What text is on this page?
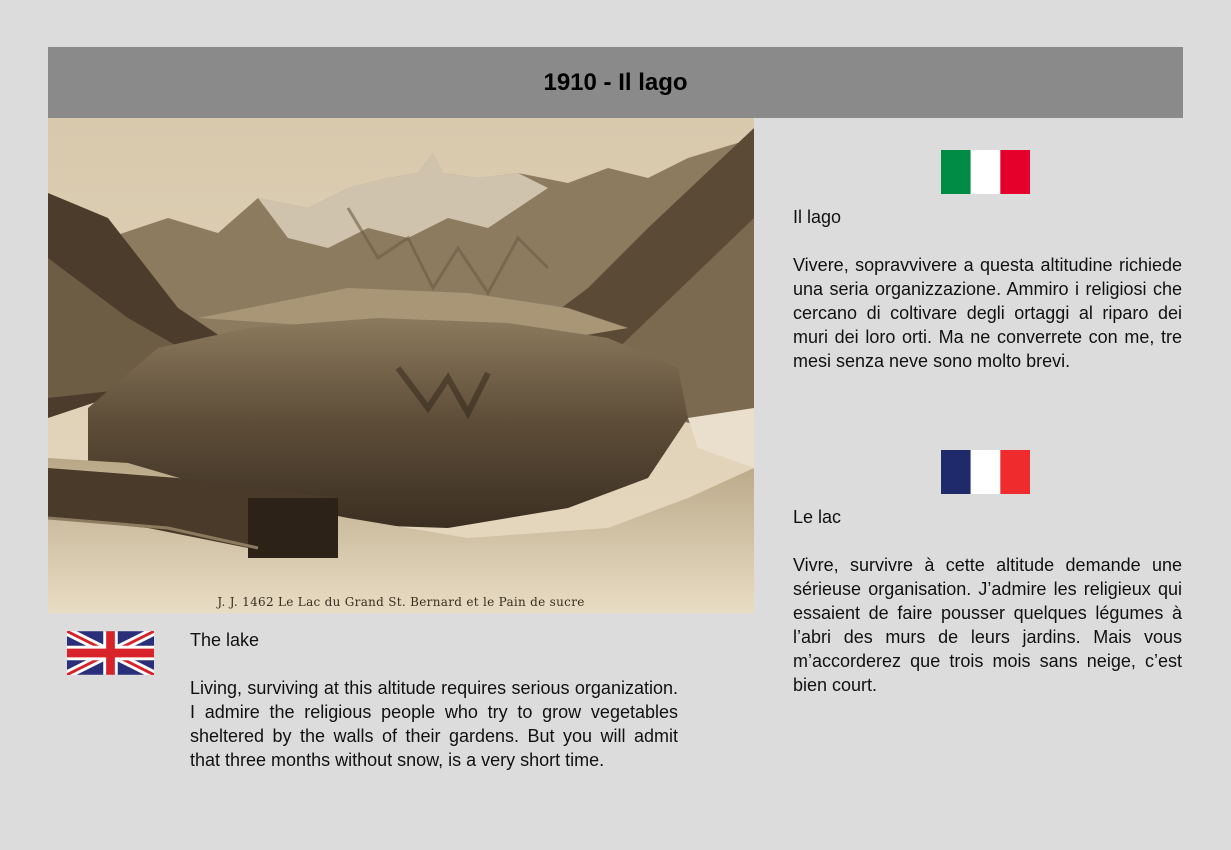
1910 - Il lago
J. J. 1462 Le Lac du Grand St. Bernard et le Pain de sucre
The lake
Living, surviving at this altitude requires serious organization. I admire the religious people who try to grow vegetables sheltered by the walls of their gardens. But you will admit that three months without snow, is a very short time.
Il lago
Vivere, sopravvivere a questa altitudine richiede una seria organizzazione. Ammiro i religiosi che cercano di coltivare degli ortaggi al riparo dei muri dei loro orti. Ma ne converrete con me, tre mesi senza neve sono molto brevi.
Le lac
Vivre, survivre à cette altitude demande une sérieuse organisation. J’admire les religieux qui essaient de faire pousser quelques légumes à l’abri des murs de leurs jardins. Mais vous m’accorderez que trois mois sans neige, c’est bien court.
